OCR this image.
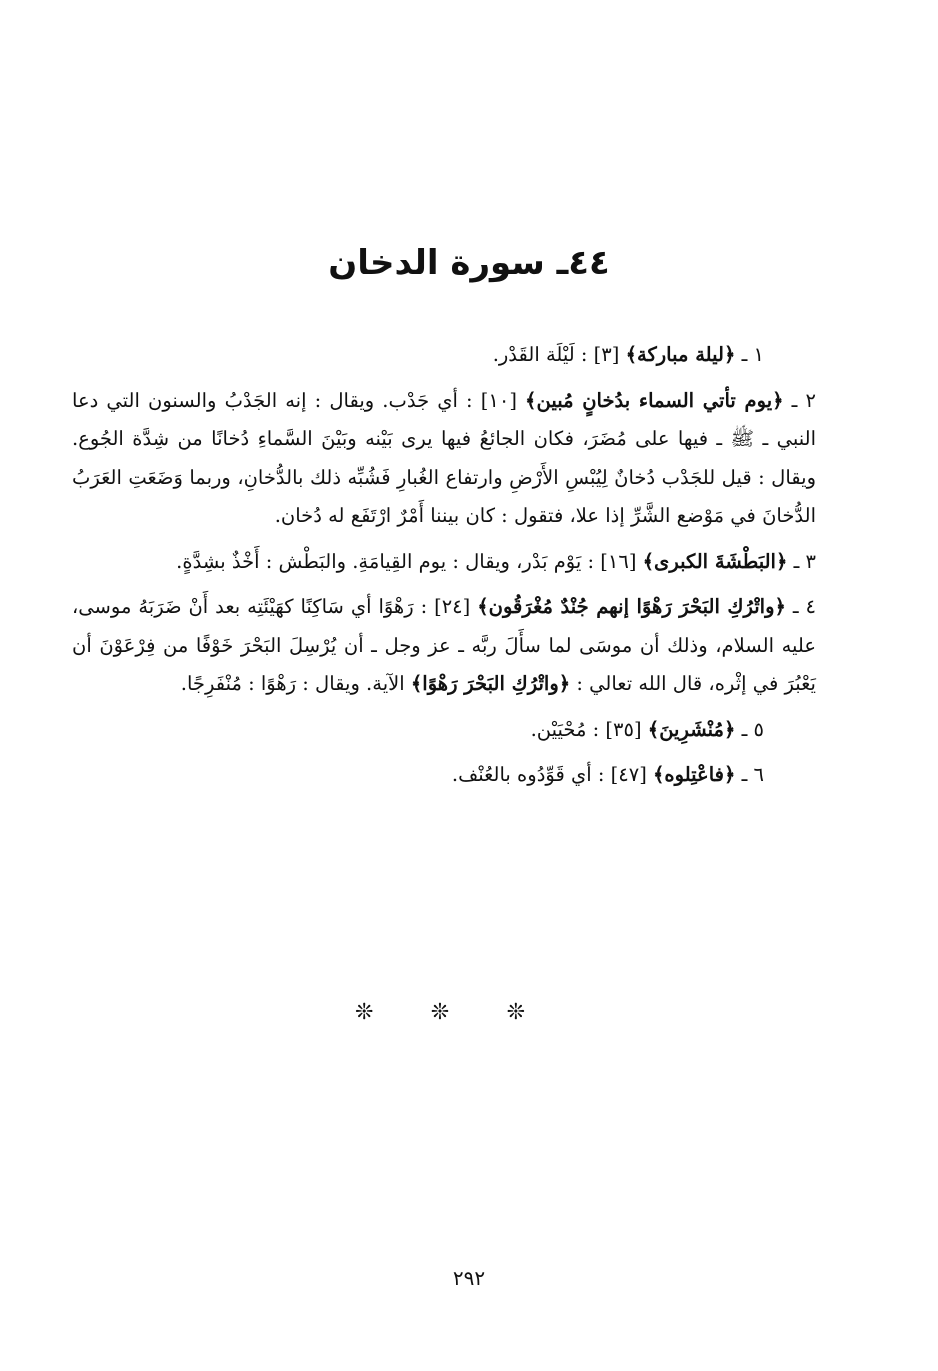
٤٤ـ سورة الدخان

١ ـ ﴿ليلة مباركة﴾ [٣] : لَيْلَة القَدْر.

٢ ـ ﴿يوم تأتي السماء بدُخانٍ مُبين﴾ [١٠] : أي جَدْب. ويقال : إنه الجَدْبُ والسنون التي دعا النبي ـ ﷺ ـ فيها على مُضَرَ، فكان الجائعُ فيها يرى بَيْنه وبَيْنَ السَّماءِ دُخانًا من شِدَّة الجُوع. ويقال : قيل للجَدْب دُخانٌ لِيُبْسِ الأَرْضِ وارتفاع الغُبارِ فَشُبِّه ذلك بالدُّخانِ، وربما وَضَعَتِ العَرَبُ الدُّخانَ في مَوْضع الشَّرِّ إذا علا، فتقول : كان بيننا أَمْرٌ ارْتَفَع له دُخان.

٣ ـ ﴿البَطْشَةَ الكبرى﴾ [١٦] : يَوْم بَدْر، ويقال : يوم القِيامَةِ. والبَطْش : أَخْذٌ بشِدَّةٍ.

٤ ـ ﴿واتْرُكِ البَحْرَ رَهْوًا إنهم جُنْدٌ مُغْرَقُون﴾ [٢٤] : رَهْوًا أي سَاكِنًا كهَيْئَتِه بعد أَنْ ضَرَبَهُ موسى، عليه السلام، وذلك أن موسَى لما سأَلَ ربَّه ـ عز وجل ـ أن يُرْسِلَ البَحْرَ خَوْفًا من فِرْعَوْنَ أن يَعْبُرَ في إثْره، قال الله تعالي : ﴿واتْرُكِ البَحْرَ رَهْوًا﴾ الآية. ويقال : رَهْوًا : مُنْفَرِجًا.

٥ ـ ﴿مُنْشَرِينَ﴾ [٣٥] : مُحْيَيْن.

٦ ـ ﴿فاعْتِلوه﴾ [٤٧] : أي قَوِّدُوه بالعُنْف.

❊	❊	❊
٢٩٢
